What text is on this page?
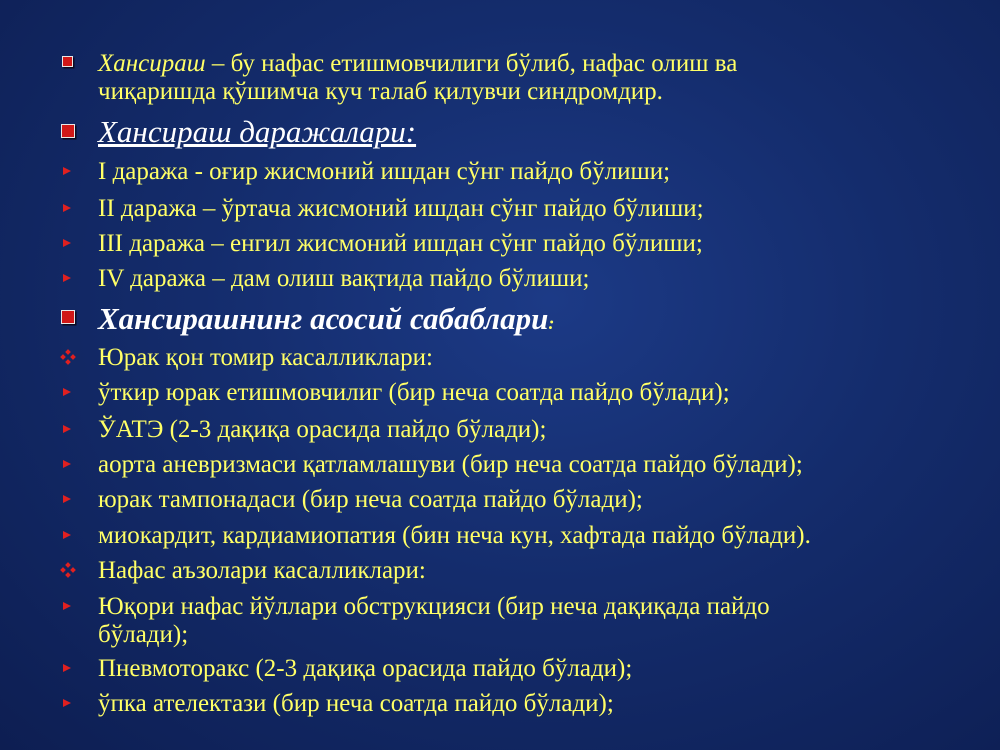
Хансираш – бу нафас етишмовчилиги бўлиб, нафас олиш ва
чиқаришда қўшимча куч талаб қилувчи синдромдир.
Хансираш даражалари:
I даража - оғир жисмоний ишдан сўнг пайдо бўлиши;
II даража – ўртача жисмоний ишдан сўнг пайдо бўлиши;
III даража – енгил жисмоний ишдан сўнг пайдо бўлиши;
IV даража – дам олиш вақтида пайдо бўлиши;
Хансирашнинг асосий сабаблари:
Юрак қон томир касалликлари:
ўткир юрак етишмовчилиг (бир неча соатда пайдо бўлади);
ЎАТЭ (2-3 дақиқа орасида пайдо бўлади);
аорта аневризмаси қатламлашуви (бир неча соатда пайдо бўлади);
юрак тампонадаси (бир неча соатда пайдо бўлади);
миокардит, кардиамиопатия (бин неча кун, хафтада пайдо бўлади).
Нафас аъзолари касалликлари:
Юқори нафас йўллари обструкцияси (бир неча дақиқада пайдо
бўлади);
Пневмоторакс (2-3 дақиқа орасида пайдо бўлади);
ўпка ателектази (бир неча соатда пайдо бўлади);
